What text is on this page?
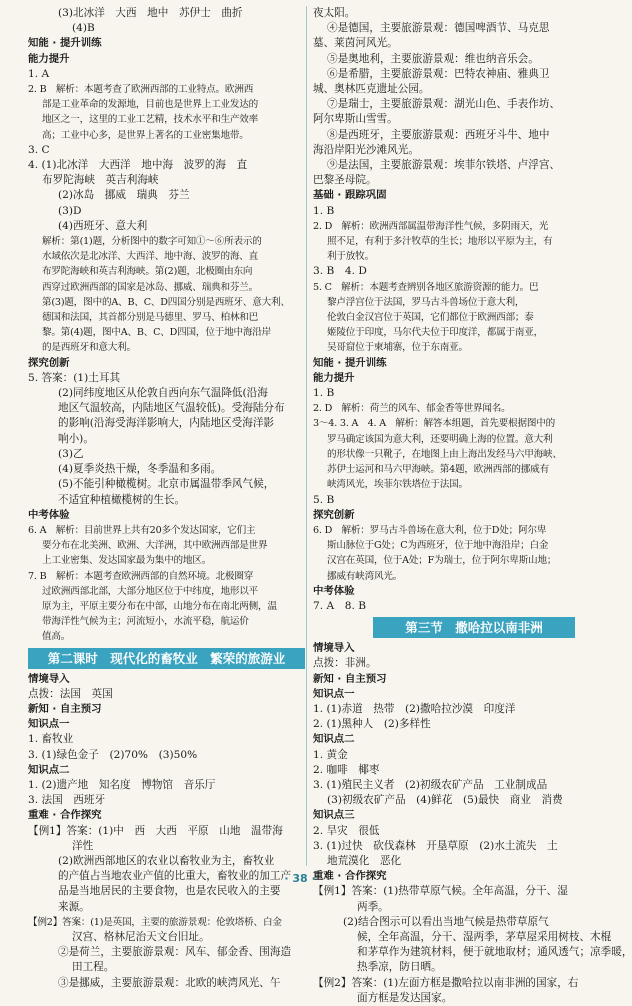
(3)北冰洋　大西　地中　苏伊士　曲折
(4)B
知能 · 提升训练
能力提升
1. A
2. B　解析：本题考查了欧洲西部的工业特点。欧洲西
部是工业革命的发源地，目前也是世界上工业发达的
地区之一，这里的工业工艺精，技术水平和生产效率
高；工业中心多，是世界上著名的工业密集地带。
3. C
4. (1)北冰洋　大西洋　地中海　波罗的海　直
布罗陀海峡　英吉利海峡
(2)冰岛　挪威　瑞典　芬兰
(3)D
(4)西班牙、意大利
解析：第(1)题，分析图中的数字可知①～⑥所表示的
水域依次是北冰洋、大西洋、地中海、波罗的海、直
布罗陀海峡和英吉利海峡。第(2)题，北极圈由东向
西穿过欧洲西部的国家是冰岛、挪威、瑞典和芬兰。
第(3)题，图中的A、B、C、D四国分别是西班牙、意大利、
德国和法国，其首都分别是马德里、罗马、柏林和巴
黎。第(4)题，图中A、B、C、D四国，位于地中海沿岸
的是西班牙和意大利。
探究创新
5. 答案：(1)土耳其
(2)同纬度地区从伦敦自西向东气温降低(沿海
地区气温较高，内陆地区气温较低)。受海陆分布
的影响(沿海受海洋影响大，内陆地区受海洋影
响小)。
(3)乙
(4)夏季炎热干燥，冬季温和多雨。
(5)不能引种橄榄树。北京市属温带季风气候，
不适宜种植橄榄树的生长。
中考体验
6. A　解析：目前世界上共有20多个发达国家，它们主
要分布在北美洲、欧洲、大洋洲，其中欧洲西部是世界
上工业密集、发达国家最为集中的地区。
7. B　解析：本题考查欧洲西部的自然环境。北极圈穿
过欧洲西部北部，大部分地区位于中纬度，地形以平
原为主，平原主要分布在中部，山地分布在南北两侧，温
带海洋性气候为主；河流短小，水流平稳，航运价
值高。
第二课时　现代化的畜牧业　繁荣的旅游业
情境导入
点拨：法国　英国
新知 · 自主预习
知识点一
1. 畜牧业
3. (1)绿色金子　(2)70%　(3)50%
知识点二
1. (2)遗产地　知名度　博物馆　音乐厅
3. 法国　西班牙
重难 · 合作探究
【例1】答案：(1)中　西　大西　平原　山地　温带海
洋性
(2)欧洲西部地区的农业以畜牧业为主，畜牧业
的产值占当地农业产值的比重大，畜牧业的加工产
品是当地居民的主要食物，也是农民收入的主要
来源。
【例2】答案：(1)是英国，主要的旅游景观：伦敦塔桥、白金
汉宫、格林尼治天文台旧址。
②是荷兰，主要旅游景观：风车、郁金香、围海造
田工程。
③是挪威，主要旅游景观：北欧的峡湾风光、午
夜太阳。
④是德国，主要旅游景观：德国啤酒节、马克思
墓、莱茵河风光。
⑤是奥地利，主要旅游景观：维也纳音乐会。
⑥是希腊，主要旅游景观：巴特农神庙、雅典卫
城、奥林匹克遗址公园。
⑦是瑞士，主要旅游景观：湖光山色、手表作坊、
阿尔卑斯山雪雪。
⑧是西班牙，主要旅游景观：西班牙斗牛、地中
海沿岸阳光沙滩风光。
⑨是法国，主要旅游景观：埃菲尔铁塔、卢浮宫、
巴黎圣母院。
基础 · 跟踪巩固
1. B
2. D　解析：欧洲西部属温带海洋性气候，多阴雨天，光
照不足，有利于多汁牧草的生长；地形以平原为主，有
利于放牧。
3. B　4. D
5. C　解析：本题考查辨别各地区旅游资源的能力。巴
黎卢浮宫位于法国，罗马古斗兽场位于意大利，
伦敦白金汉宫位于英国，它们都位于欧洲西部；泰
姬陵位于印度，马尔代夫位于印度洋，都属于南亚，
吴哥窟位于柬埔寨，位于东南亚。
知能 · 提升训练
能力提升
1. B
2. D　解析：荷兰的风车、郁金香等世界闻名。
3～4. 3. A　4. A　解析：解答本组题，首先要根据图中的
罗马确定该国为意大利，还要明确上海的位置。意大利
的形状像一只靴子，在地图上由上海出发经马六甲海峡、
苏伊士运河和马六甲海峡。第4题，欧洲西部的挪威有
峡湾风光，埃菲尔铁塔位于法国。
5. B
探究创新
6. D　解析：罗马古斗兽场在意大利，位于D处；阿尔卑
斯山脉位于G处；C为西班牙，位于地中海沿岸；白金
汉宫在英国，位于A处；F为瑞士，位于阿尔卑斯山地；
挪威有峡湾风光。
中考体验
7. A　8. B
第三节　撒哈拉以南非洲
情境导入
点拨：非洲。
新知 · 自主预习
知识点一
1. (1)赤道　热带　(2)撒哈拉沙漠　印度洋
2. (1)黑种人　(2)多样性
知识点二
1. 黄金
2. 咖啡　椰枣
3. (1)殖民主义者　(2)初级农矿产品　工业制成品
(3)初级农矿产品　(4)鲜花　(5)最快　商业　消费
知识点三
2. 旱灾　很低
3. (1)过快　砍伐森林　开垦草原　(2)水土流失　土
地荒漠化　恶化
重难 · 合作探究
【例1】答案：(1)热带草原气候。全年高温，分干、湿
两季。
(2)结合图示可以看出当地气候是热带草原气
候，全年高温，分干、湿两季，茅草屋采用树枝、木棍
和茅草作为建筑材料，便于就地取材；通风透气；凉季暖，
热季凉，防日晒。
【例2】答案：(1)左面方框是撒哈拉以南非洲的国家，右
面方框是发达国家。
· 38 ·
